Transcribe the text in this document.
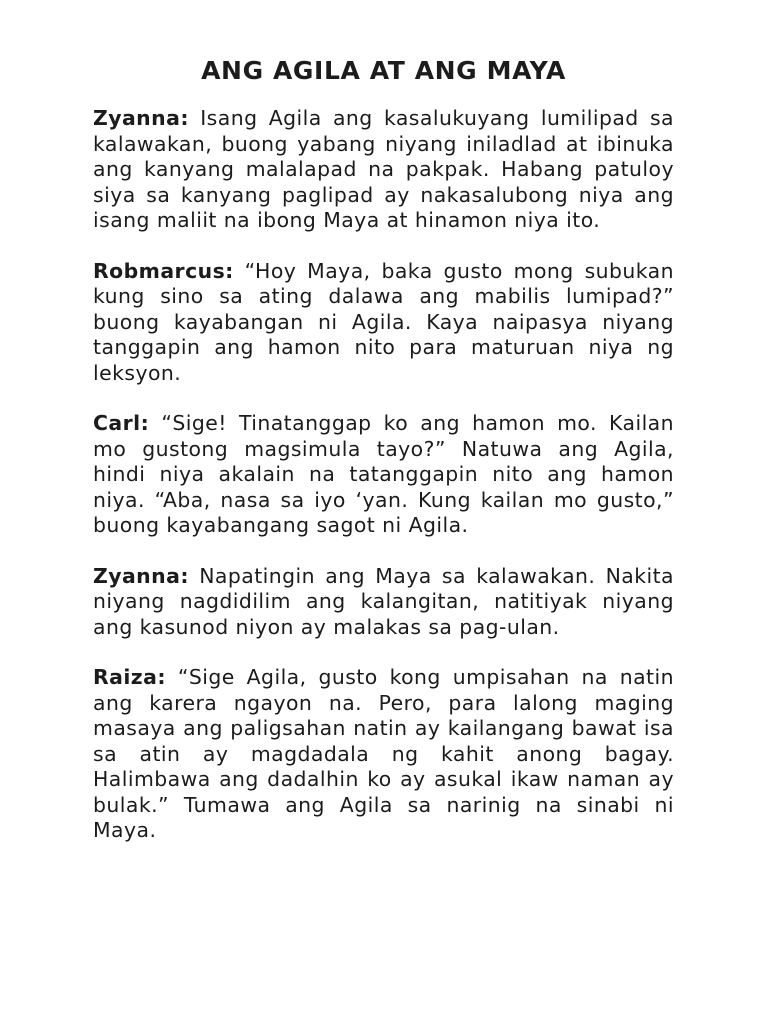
ANG AGILA AT ANG MAYA

Zyanna: Isang Agila ang kasalukuyang lumilipad sa kalawakan, buong yabang niyang iniladlad at ibinuka ang kanyang malalapad na pakpak. Habang patuloy siya sa kanyang paglipad ay nakasalubong niya ang isang maliit na ibong Maya at hinamon niya ito.

Robmarcus: “Hoy Maya, baka gusto mong subukan kung sino sa ating dalawa ang mabilis lumipad?” buong kayabangan ni Agila. Kaya naipasya niyang tanggapin ang hamon nito para maturuan niya ng leksyon.

Carl: “Sige! Tinatanggap ko ang hamon mo. Kailan mo gustong magsimula tayo?” Natuwa ang Agila, hindi niya akalain na tatanggapin nito ang hamon niya. “Aba, nasa sa iyo ‘yan. Kung kailan mo gusto,” buong kayabangang sagot ni Agila.

Zyanna: Napatingin ang Maya sa kalawakan. Nakita niyang nagdidilim ang kalangitan, natitiyak niyang ang kasunod niyon ay malakas sa pag-ulan.

Raiza: “Sige Agila, gusto kong umpisahan na natin ang karera ngayon na. Pero, para lalong maging masaya ang paligsahan natin ay kailangang bawat isa sa atin ay magdadala ng kahit anong bagay. Halimbawa ang dadalhin ko ay asukal ikaw naman ay bulak.” Tumawa ang Agila sa narinig na sinabi ni Maya.
